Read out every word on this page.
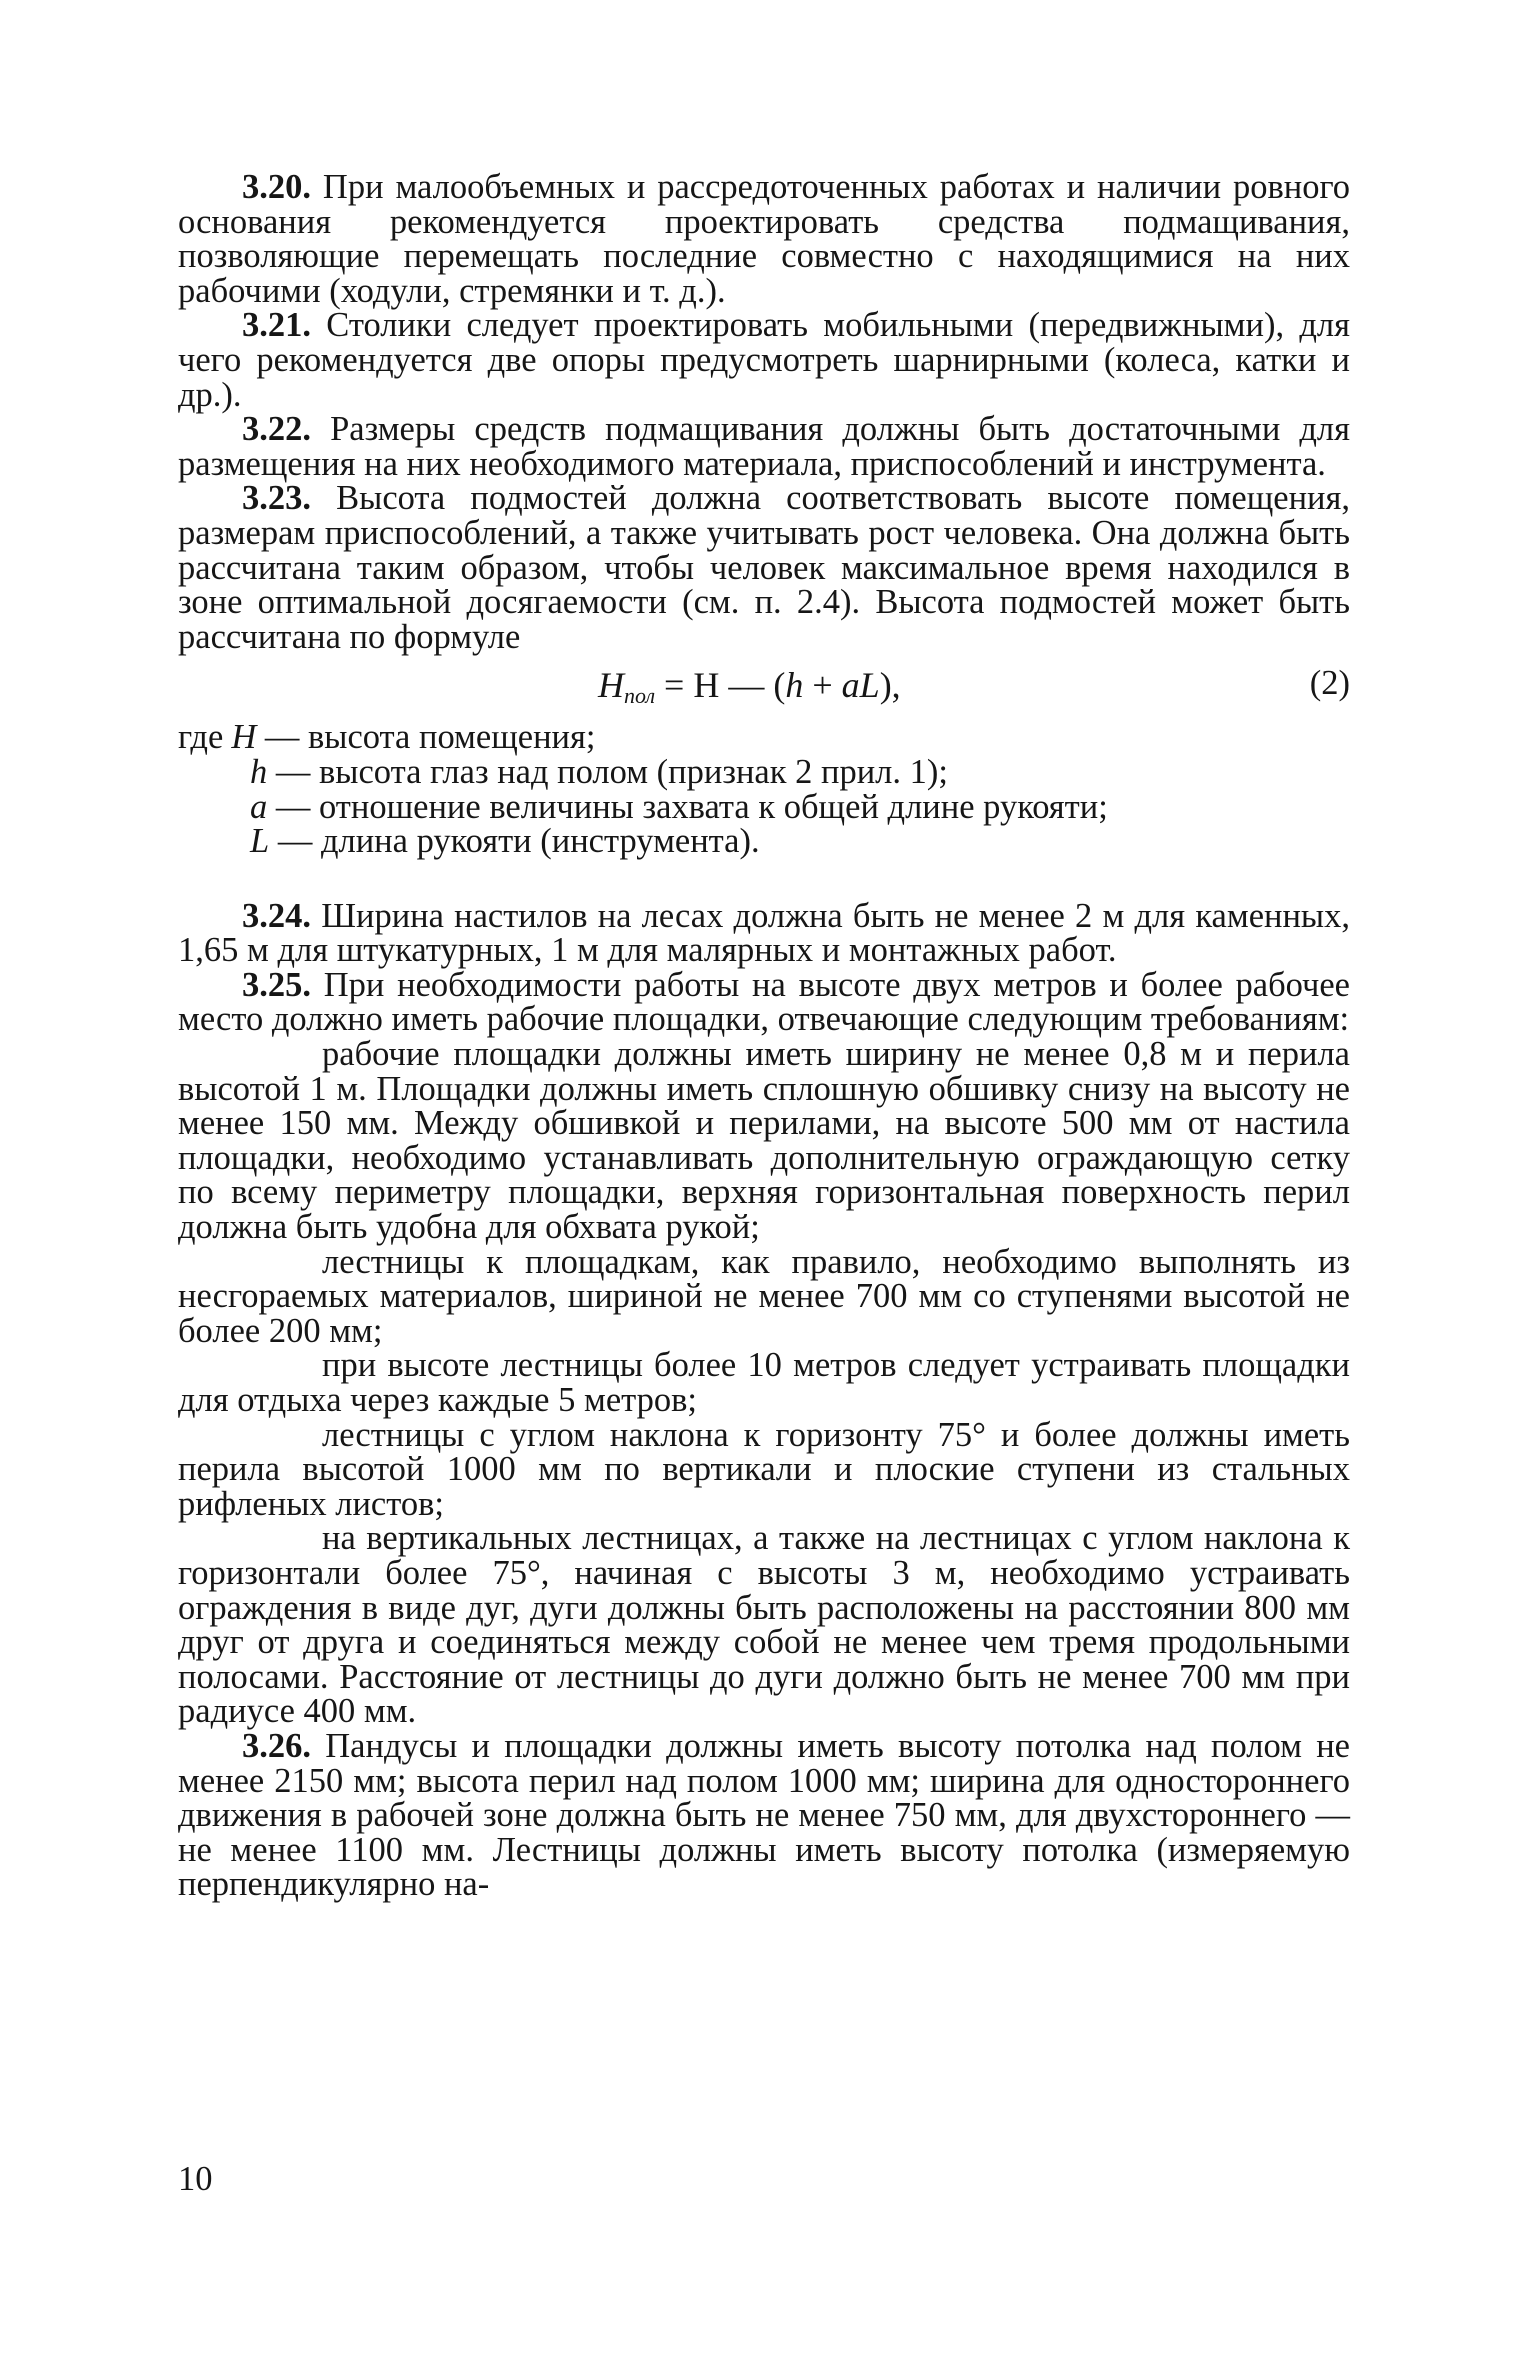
3.20. При малообъемных и рассредоточенных работах и наличии ровного основания рекомендуется проектировать средства подмащивания, позволяющие перемещать последние совместно с находящимися на них рабочими (ходули, стремянки и т. д.).

3.21. Столики следует проектировать мобильными (передвижными), для чего рекомендуется две опоры предусмотреть шарнирными (колеса, катки и др.).

3.22. Размеры средств подмащивания должны быть достаточными для размещения на них необходимого материала, приспособлений и инструмента.

3.23. Высота подмостей должна соответствовать высоте помещения, размерам приспособлений, а также учитывать рост человека. Она должна быть рассчитана таким образом, чтобы человек максимальное время находился в зоне оптимальной досягаемости (см. п. 2.4). Высота подмостей может быть рассчитана по формуле

$H_{пол} = H$ — (h + aL),	(2)
где H — высота помещения;
h — высота глаз над полом (признак 2 прил. 1);
a — отношение величины захвата к общей длине рукояти;
L — длина рукояти (инструмента).

3.24. Ширина настилов на лесах должна быть не менее 2 м для каменных, 1,65 м для штукатурных, 1 м для малярных и монтажных работ.

3.25. При необходимости работы на высоте двух метров и более рабочее место должно иметь рабочие площадки, отвечающие следующим требованиям:

рабочие площадки должны иметь ширину не менее 0,8 м и перила высотой 1 м. Площадки должны иметь сплошную обшивку снизу на высоту не менее 150 мм. Между обшивкой и перилами, на высоте 500 мм от настила площадки, необходимо устанавливать дополнительную ограждающую сетку по всему периметру площадки, верхняя горизонтальная поверхность перил должна быть удобна для обхвата рукой;

лестницы к площадкам, как правило, необходимо выполнять из несгораемых материалов, шириной не менее 700 мм со ступенями высотой не более 200 мм;

при высоте лестницы более 10 метров следует устраивать площадки для отдыха через каждые 5 метров;

лестницы с углом наклона к горизонту 75° и более должны иметь перила высотой 1000 мм по вертикали и плоские ступени из стальных рифленых листов;

на вертикальных лестницах, а также на лестницах с углом наклона к горизонтали более 75°, начиная с высоты 3 м, необходимо устраивать ограждения в виде дуг, дуги должны быть расположены на расстоянии 800 мм друг от друга и соединяться между собой не менее чем тремя продольными полосами. Расстояние от лестницы до дуги должно быть не менее 700 мм при радиусе 400 мм.

3.26. Пандусы и площадки должны иметь высоту потолка над полом не менее 2150 мм; высота перил над полом 1000 мм; ширина для одностороннего движения в рабочей зоне должна быть не менее 750 мм, для двухстороннего — не менее 1100 мм. Лестницы должны иметь высоту потолка (измеряемую перпендикулярно на-

10
